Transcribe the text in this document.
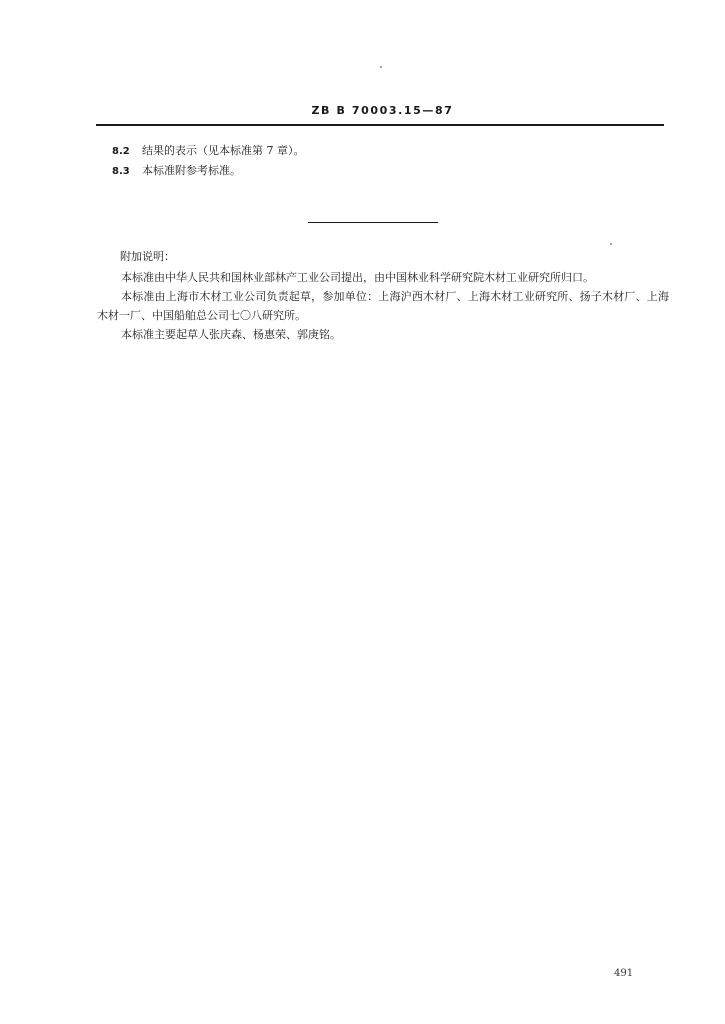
ZB B 70003.15—87
8.2 结果的表示（见本标准第 7 章）。
8.3 本标准附参考标准。
附加说明：

本标准由中华人民共和国林业部林产工业公司提出，由中国林业科学研究院木材工业研究所归口。

本标准由上海市木材工业公司负责起草，参加单位：上海沪西木材厂、上海木材工业研究所、扬子木材厂、上海木材一厂、中国船舶总公司七〇八研究所。

本标准主要起草人张庆森、杨惠荣、郭庚铭。

491
